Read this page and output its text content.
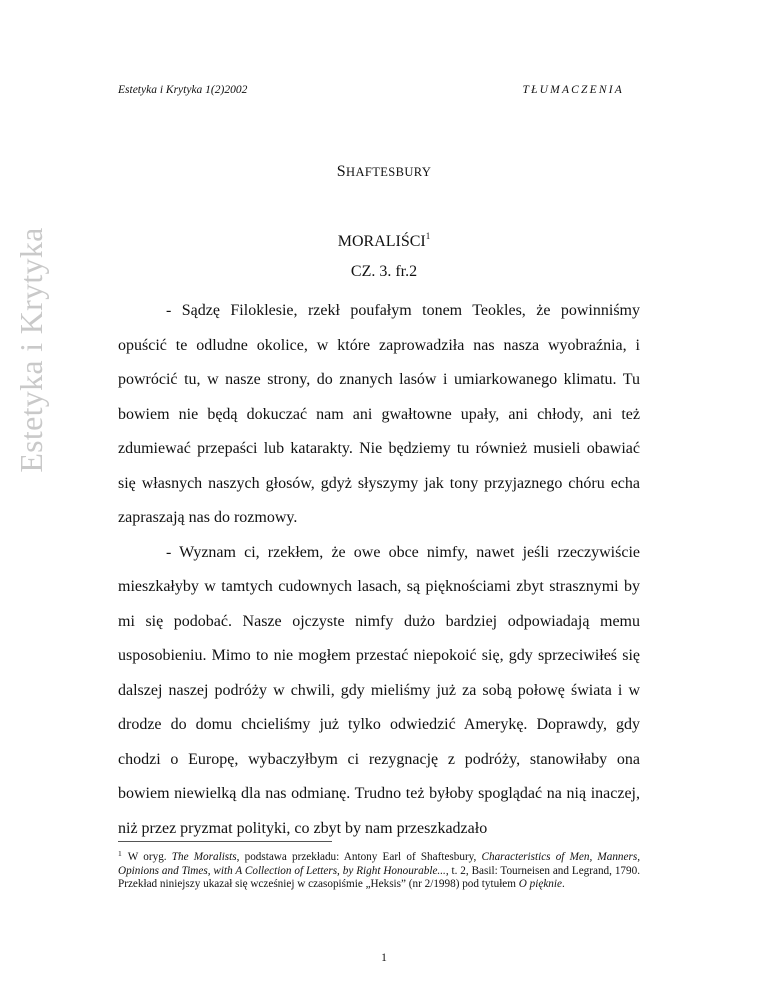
Estetyka i Krytyka
Estetyka i Krytyka 1(2)2002	TŁUMACZENIA
SHAFTESBURY
MORALIŚCI$^1$
CZ. 3. fr.2

- Sądzę Filoklesie, rzekł poufałym tonem Teokles, że powinniśmy opuścić te odludne okolice, w które zaprowadziła nas nasza wyobraźnia, i powrócić tu, w nasze strony, do znanych lasów i umiarkowanego klimatu. Tu bowiem nie będą dokuczać nam ani gwałtowne upały, ani chłody, ani też zdumiewać przepaści lub katarakty. Nie będziemy tu również musieli obawiać się własnych naszych głosów, gdyż słyszymy jak tony przyjaznego chóru echa zapraszają nas do rozmowy.

- Wyznam ci, rzekłem, że owe obce nimfy, nawet jeśli rzeczywiście mieszkałyby w tamtych cudownych lasach, są pięknościami zbyt strasznymi by mi się podobać. Nasze ojczyste nimfy dużo bardziej odpowiadają memu usposobieniu. Mimo to nie mogłem przestać niepokoić się, gdy sprzeciwiłeś się dalszej naszej podróży w chwili, gdy mieliśmy już za sobą połowę świata i w drodze do domu chcieliśmy już tylko odwiedzić Amerykę. Doprawdy, gdy chodzi o Europę, wybaczyłbym ci rezygnację z podróży, stanowiłaby ona bowiem niewielką dla nas odmianę. Trudno też byłoby spoglądać na nią inaczej, niż przez pryzmat polityki, co zbyt by nam przeszkadzało

$^1$ W oryg. The Moralists, podstawa przekładu: Antony Earl of Shaftesbury, Characteristics of Men, Manners, Opinions and Times, with A Collection of Letters, by Right Honourable..., t. 2, Basil: Tourneisen and Legrand, 1790. Przekład niniejszy ukazał się wcześniej w czasopiśmie „Heksis” (nr 2/1998) pod tytułem O pięknie.
1
